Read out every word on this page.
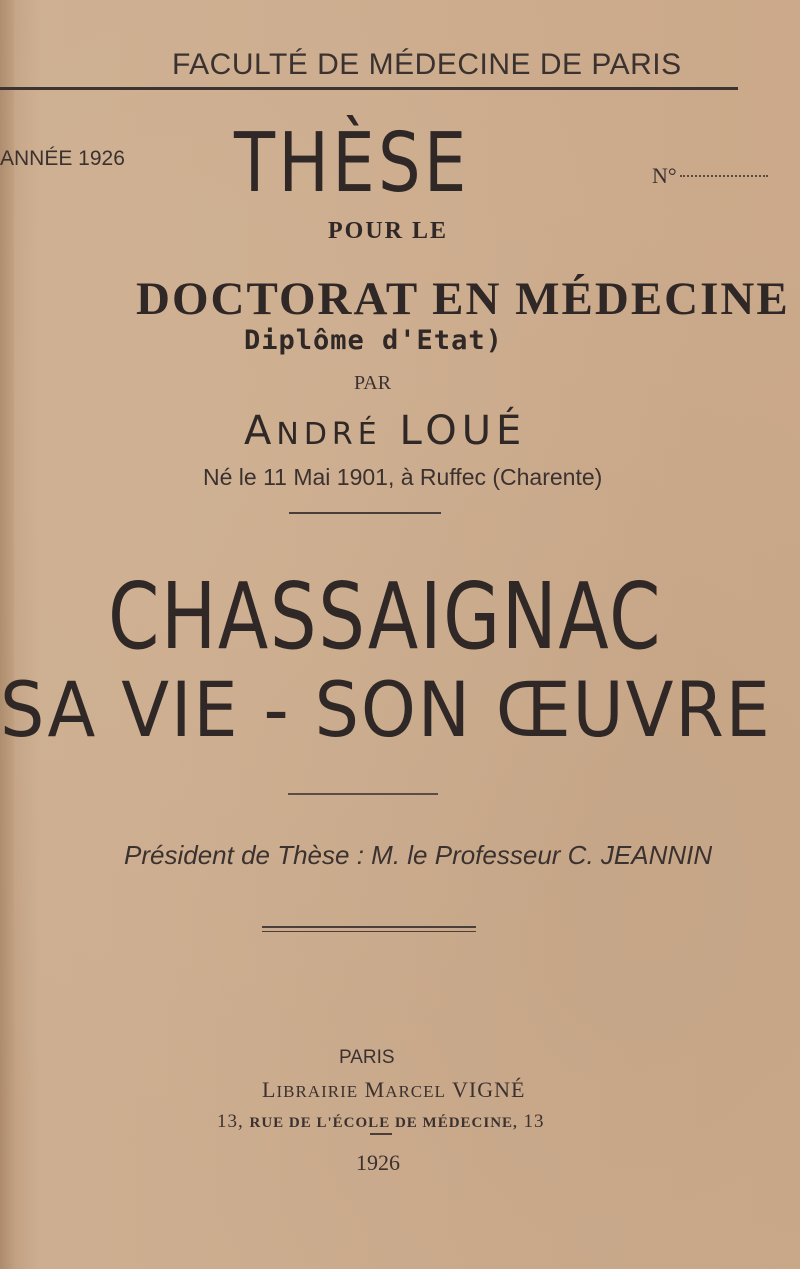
FACULTÉ DE MÉDECINE DE PARIS
ANNÉE 1926 THÈSE	N°
POUR LE
DOCTORAT EN MÉDECINE
Diplôme d'Etat)
PAR
ANDRÉ LOUÉ
Né le 11 Mai 1901, à Ruffec (Charente)
CHASSAIGNAC
SA VIE - SON ŒUVRE
Président de Thèse : M. le Professeur C. JEANNIN
PARIS
LIBRAIRIE MARCEL VIGNÉ
13, RUE DE L'ÉCOLE DE MÉDECINE, 13
1926
